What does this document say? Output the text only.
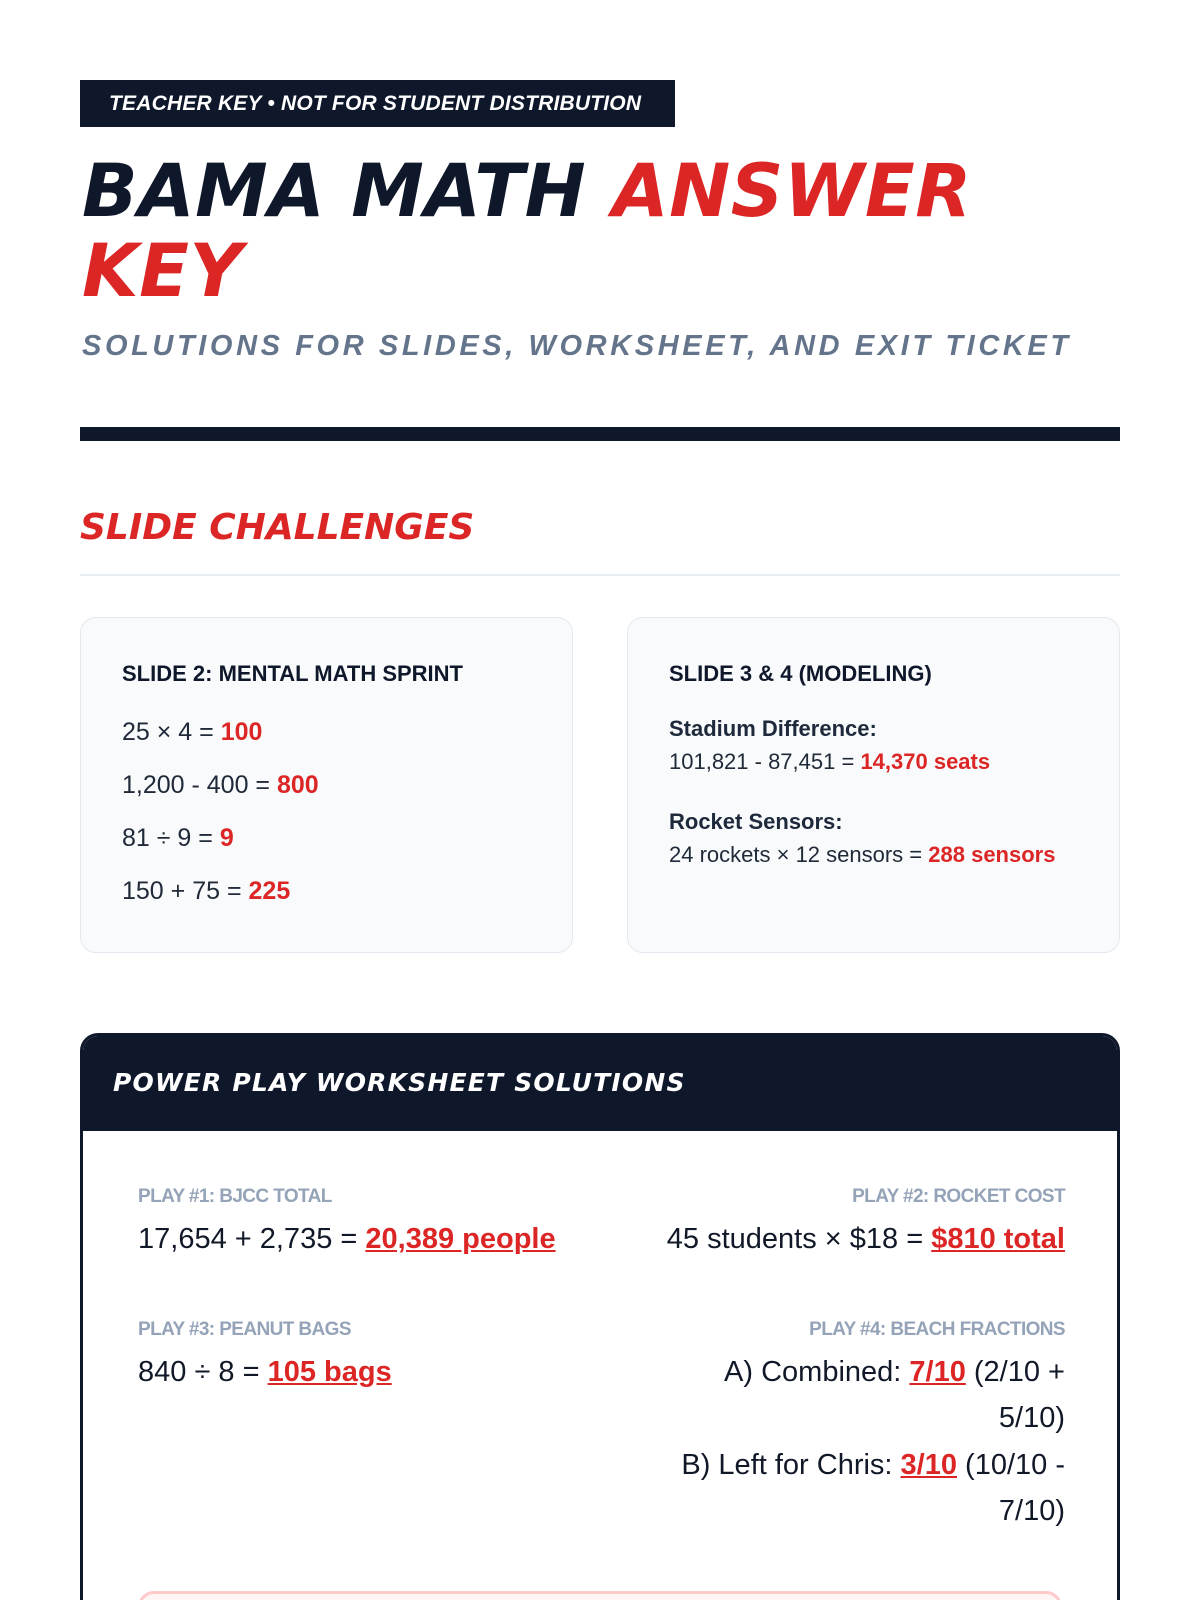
TEACHER KEY • NOT FOR STUDENT DISTRIBUTION
BAMA MATH ANSWER KEY
SOLUTIONS FOR SLIDES, WORKSHEET, AND EXIT TICKET
SLIDE CHALLENGES
SLIDE 2: MENTAL MATH SPRINT
25 × 4 = 100
1,200 - 400 = 800
81 ÷ 9 = 9
150 + 75 = 225
SLIDE 3 & 4 (MODELING)
Stadium Difference:
101,821 - 87,451 = 14,370 seats
Rocket Sensors:
24 rockets × 12 sensors = 288 sensors
POWER PLAY WORKSHEET SOLUTIONS
PLAY #1: BJCC TOTAL
17,654 + 2,735 = 20,389 people
PLAY #2: ROCKET COST
45 students × $18 = $810 total
PLAY #3: PEANUT BAGS
840 ÷ 8 = 105 bags
PLAY #4: BEACH FRACTIONS
A) Combined: 7/10 (2/10 +
5/10)
B) Left for Chris: 3/10 (10/10 -
7/10)
